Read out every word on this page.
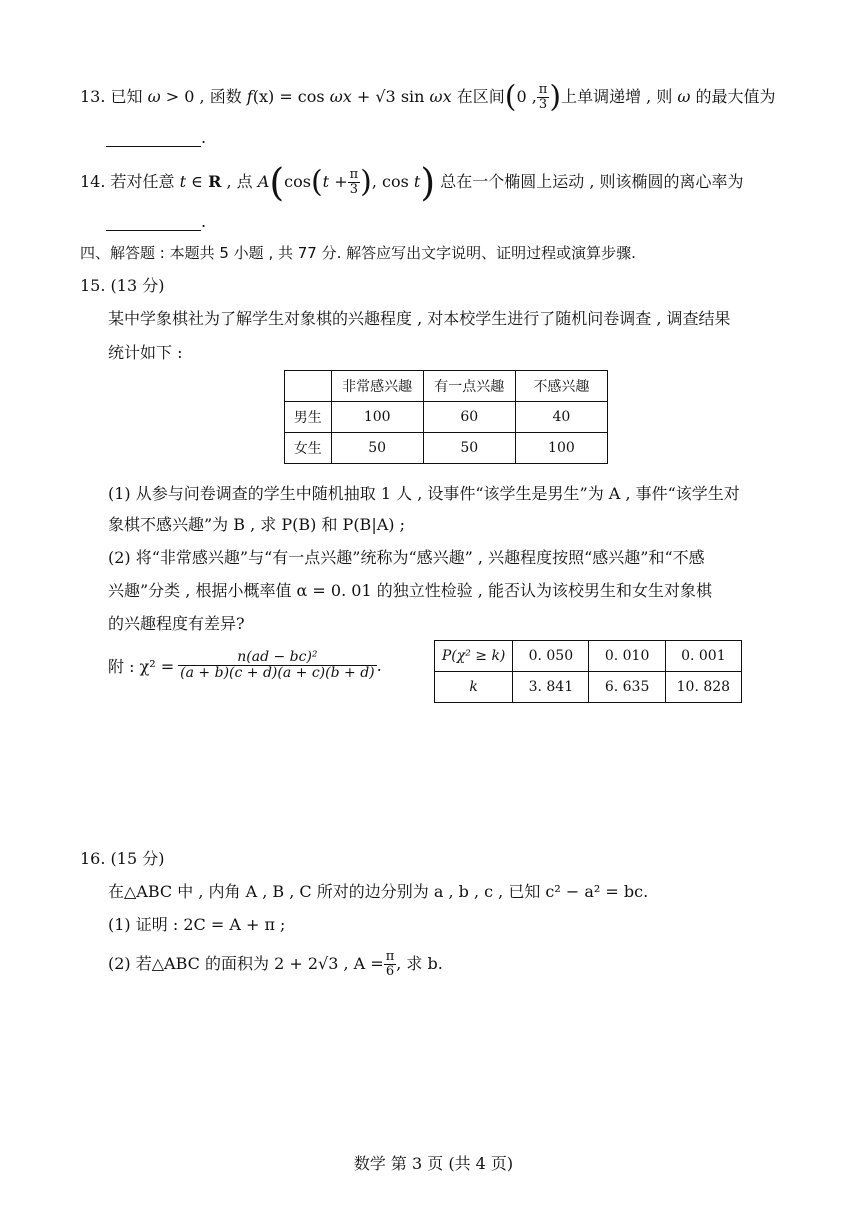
13. 已知 ω > 0 , 函数 f(x) = cos ωx + √3 sin ωx 在区间(0 , $\frac{\pi}{3}$ )上单调递增 , 则 ω 的最大值为
.
14. 若对任意 t ∈ R , 点 $A(\cos(t + \frac{\pi}{3}$ ), cos t) 总在一个椭圆上运动 , 则该椭圆的离心率为
.
四、解答题 : 本题共 5 小题 , 共 77 分. 解答应写出文字说明、证明过程或演算步骤.
15. (13 分)
某中学象棋社为了解学生对象棋的兴趣程度 , 对本校学生进行了随机问卷调查 , 调查结果
统计如下 :
	非常感兴趣	有一点兴趣	不感兴趣
男生	100	60	40
女生	50	50	100
(1) 从参与问卷调查的学生中随机抽取 1 人 , 设事件“该学生是男生”为 A , 事件“该学生对
象棋不感兴趣”为 B , 求 P(B) 和 P(B|A) ;
(2) 将“非常感兴趣”与“有一点兴趣”统称为“感兴趣” , 兴趣程度按照“感兴趣”和“不感
兴趣”分类 , 根据小概率值 α = 0. 01 的独立性检验 , 能否认为该校男生和女生对象棋
的兴趣程度有差异?
附 : $\chi^2 = \frac{\text{n(ad − bc)²}}{(a + b)(c + d)(a + c)(b + d)}$ .	P(χ² ≥ k)	0. 050	0. 010	0. 001
k	3. 841	6. 635	10. 828
16. (15 分)
在△ABC 中 , 内角 A , B , C 所对的边分别为 a , b , c , 已知 c² − a² = bc.
(1) 证明 : 2C = A + π ;
(2) 若△ABC 的面积为 2 + 2√3 , $A = \frac{\pi}{6}$ , 求 b.
数学 第 3 页 (共 4 页)
